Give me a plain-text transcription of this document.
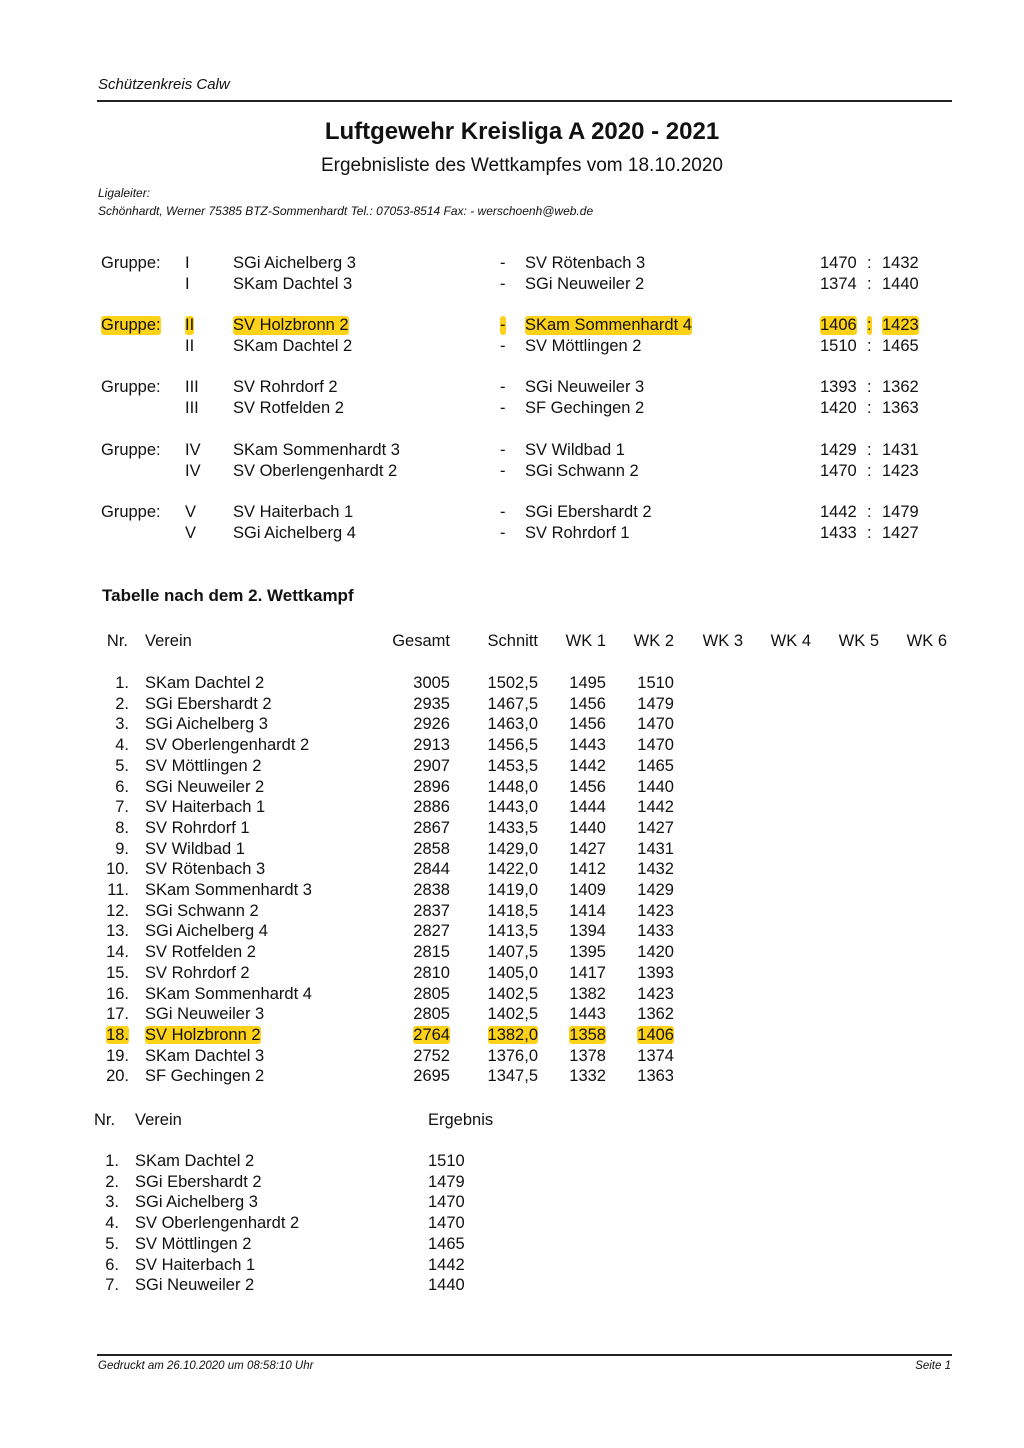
Schützenkreis Calw
Luftgewehr Kreisliga A 2020 - 2021
Ergebnisliste des Wettkampfes vom 18.10.2020
Ligaleiter:
Schönhardt, Werner 75385 BTZ-Sommenhardt Tel.: 07053-8514 Fax: - werschoenh@web.de
Gruppe: I	SGi Aichelberg 3	- SV Rötenbach 3	1470 : 1432
I	SKam Dachtel 3	- SGi Neuweiler 2	1374 : 1440
Gruppe: II SV Holzbronn 2	- SKam Sommenhardt 4	1406 : 1423
II SKam Dachtel 2	- SV Möttlingen 2	1510 : 1465
Gruppe: III SV Rohrdorf 2	- SGi Neuweiler 3	1393 : 1362
III SV Rotfelden 2	- SF Gechingen 2	1420 : 1363
Gruppe: IV SKam Sommenhardt 3	- SV Wildbad 1	1429 : 1431
IV SV Oberlengenhardt 2	- SGi Schwann 2	1470 : 1423
Gruppe: V SV Haiterbach 1	- SGi Ebershardt 2	1442 : 1479
V SGi Aichelberg 4	- SV Rohrdorf 1	1433 : 1427
Tabelle nach dem 2. Wettkampf
Nr. Verein	Gesamt	Schnitt	WK 1	WK 2	WK 3	WK 4	WK 5	WK 6
1. SKam Dachtel 2	3005	1502,5	1495	1510
2. SGi Ebershardt 2	2935	1467,5	1456	1479
3. SGi Aichelberg 3	2926	1463,0	1456	1470
4. SV Oberlengenhardt 2	2913	1456,5	1443	1470
5. SV Möttlingen 2	2907	1453,5	1442	1465
6. SGi Neuweiler 2	2896	1448,0	1456	1440
7. SV Haiterbach 1	2886	1443,0	1444	1442
8. SV Rohrdorf 1	2867	1433,5	1440	1427
9. SV Wildbad 1	2858	1429,0	1427	1431
10. SV Rötenbach 3	2844	1422,0	1412	1432
11. SKam Sommenhardt 3	2838	1419,0	1409	1429
12. SGi Schwann 2	2837	1418,5	1414	1423
13. SGi Aichelberg 4	2827	1413,5	1394	1433
14. SV Rotfelden 2	2815	1407,5	1395	1420
15. SV Rohrdorf 2	2810	1405,0	1417	1393
16. SKam Sommenhardt 4	2805	1402,5	1382	1423
17. SGi Neuweiler 3	2805	1402,5	1443	1362
18. SV Holzbronn 2	2764	1382,0	1358	1406
19. SKam Dachtel 3	2752	1376,0	1378	1374
20. SF Gechingen 2	2695	1347,5	1332	1363
Nr. Verein	Ergebnis
1. SKam Dachtel 2	1510
2. SGi Ebershardt 2	1479
3. SGi Aichelberg 3	1470
4. SV Oberlengenhardt 2	1470
5. SV Möttlingen 2	1465
6. SV Haiterbach 1	1442
7. SGi Neuweiler 2	1440
Gedruckt am 26.10.2020 um 08:58:10 Uhr	Seite 1
